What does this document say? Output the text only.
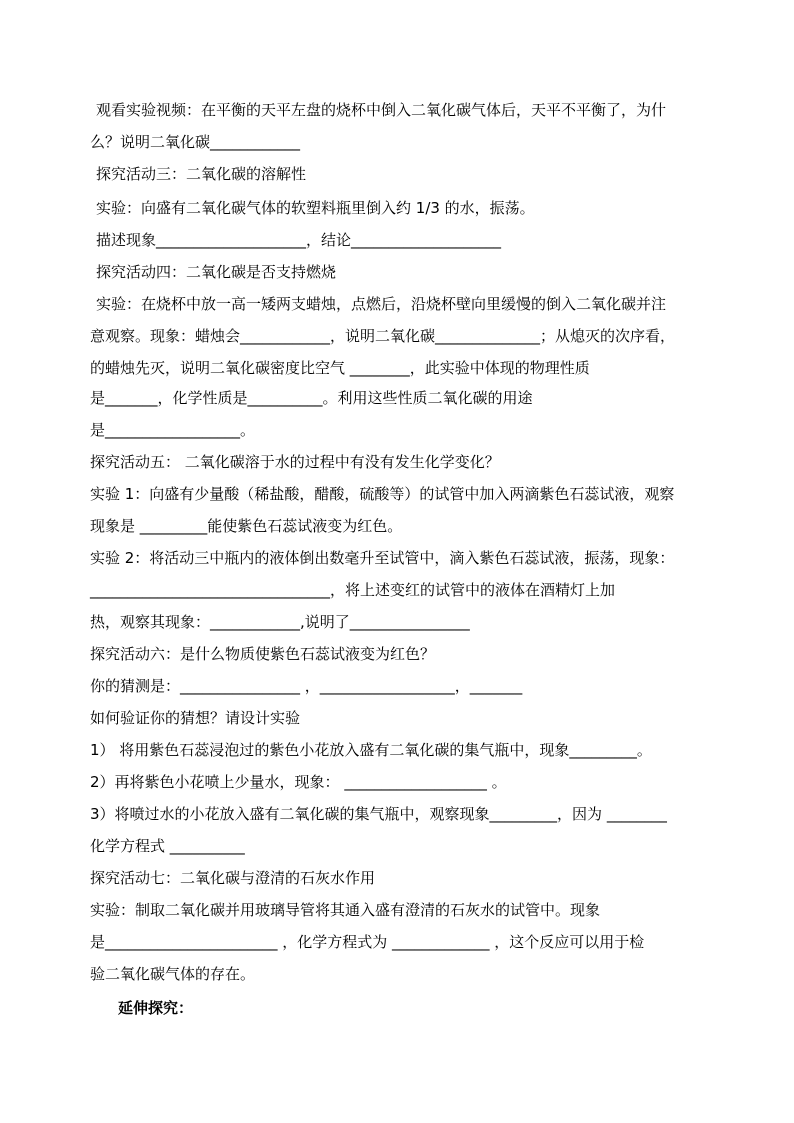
观看实验视频：在平衡的天平左盘的烧杯中倒入二氧化碳气体后，天平不平衡了，为什
么？说明二氧化碳____________
探究活动三：二氧化碳的溶解性
实验：向盛有二氧化碳气体的软塑料瓶里倒入约 1/3 的水，振荡。
描述现象____________________，结论____________________
探究活动四：二氧化碳是否支持燃烧
实验：在烧杯中放一高一矮两支蜡烛，点燃后，沿烧杯壁向里缓慢的倒入二氧化碳并注
意观察。现象：蜡烛会____________，说明二氧化碳______________；从熄灭的次序看，
的蜡烛先灭，说明二氧化碳密度比空气 ________，此实验中体现的物理性质
是_______，化学性质是__________。利用这些性质二氧化碳的用途
是__________________。
探究活动五： 二氧化碳溶于水的过程中有没有发生化学变化？
实验 1：向盛有少量酸（稀盐酸，醋酸，硫酸等）的试管中加入两滴紫色石蕊试液，观察
现象是 _________能使紫色石蕊试液变为红色。
实验 2：将活动三中瓶内的液体倒出数毫升至试管中，滴入紫色石蕊试液，振荡，现象：
________________________________，将上述变红的试管中的液体在酒精灯上加
热，观察其现象：____________,说明了________________
探究活动六：是什么物质使紫色石蕊试液变为红色？
你的猜测是：________________ ，__________________，_______
如何验证你的猜想？请设计实验
1） 将用紫色石蕊浸泡过的紫色小花放入盛有二氧化碳的集气瓶中，现象_________。
2）再将紫色小花喷上少量水，现象： ___________________ 。
3）将喷过水的小花放入盛有二氧化碳的集气瓶中，观察现象_________，因为 ________
化学方程式 __________
探究活动七：二氧化碳与澄清的石灰水作用
实验：制取二氧化碳并用玻璃导管将其通入盛有澄清的石灰水的试管中。现象
是_______________________ ，化学方程式为 _____________ ，这个反应可以用于检
验二氧化碳气体的存在。
延伸探究：
